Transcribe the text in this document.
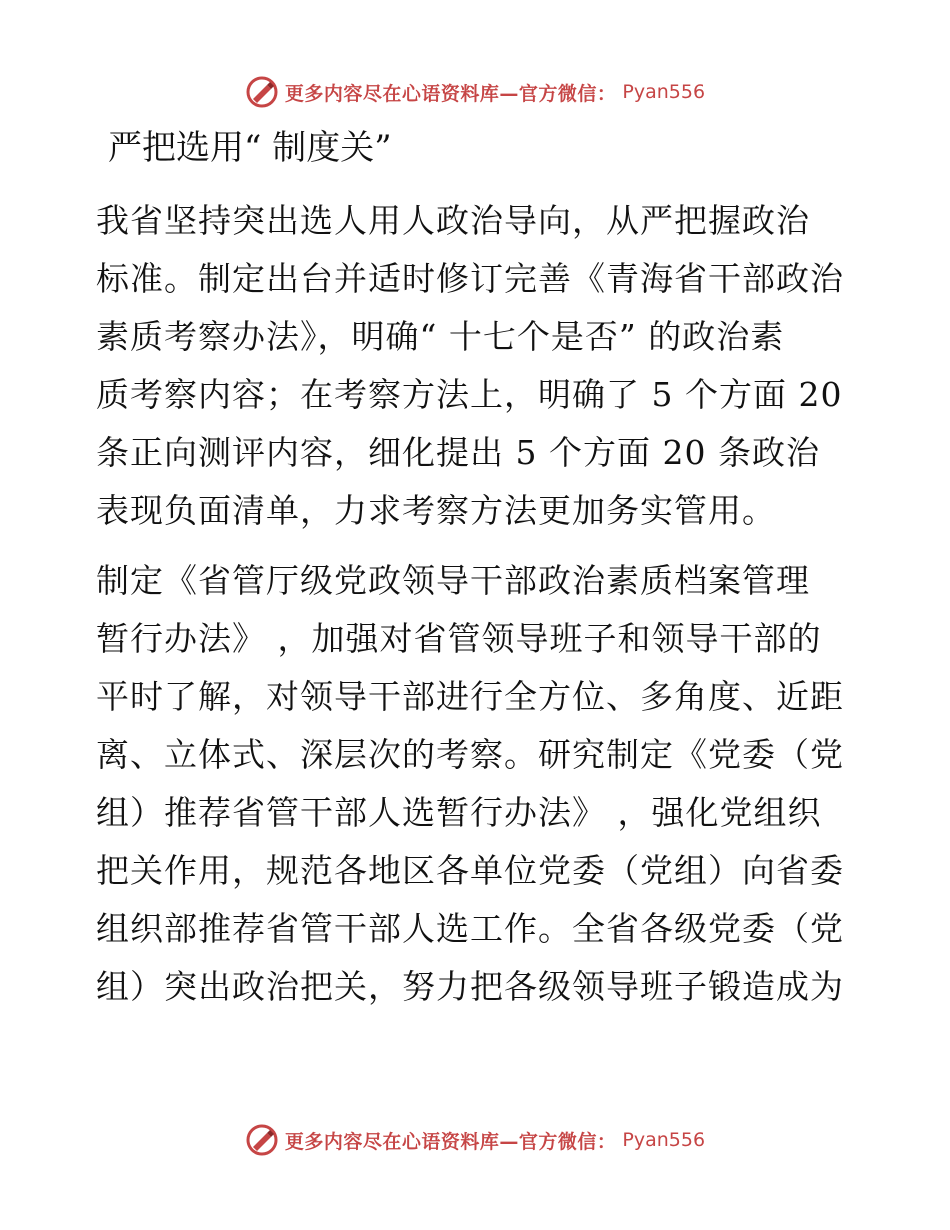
更多内容尽在心语资料库—官方微信： Pyan556
严把选用“ 制度关”
我省坚持突出选人用人政治导向，从严把握政治
标准。制定出台并适时修订完善《青海省干部政治
素质考察办法》，明确“ 十七个是否” 的政治素
质考察内容；在考察方法上，明确了 5 个方面 20
条正向测评内容，细化提出 5 个方面 20 条政治
表现负面清单，力求考察方法更加务实管用。
制定《省管厅级党政领导干部政治素质档案管理
暂行办法》 ，加强对省管领导班子和领导干部的
平时了解，对领导干部进行全方位、多角度、近距
离、立体式、深层次的考察。研究制定《党委（党
组）推荐省管干部人选暂行办法》 ，强化党组织
把关作用，规范各地区各单位党委（党组）向省委
组织部推荐省管干部人选工作。全省各级党委（党
组）突出政治把关，努力把各级领导班子锻造成为
更多内容尽在心语资料库—官方微信： Pyan556
